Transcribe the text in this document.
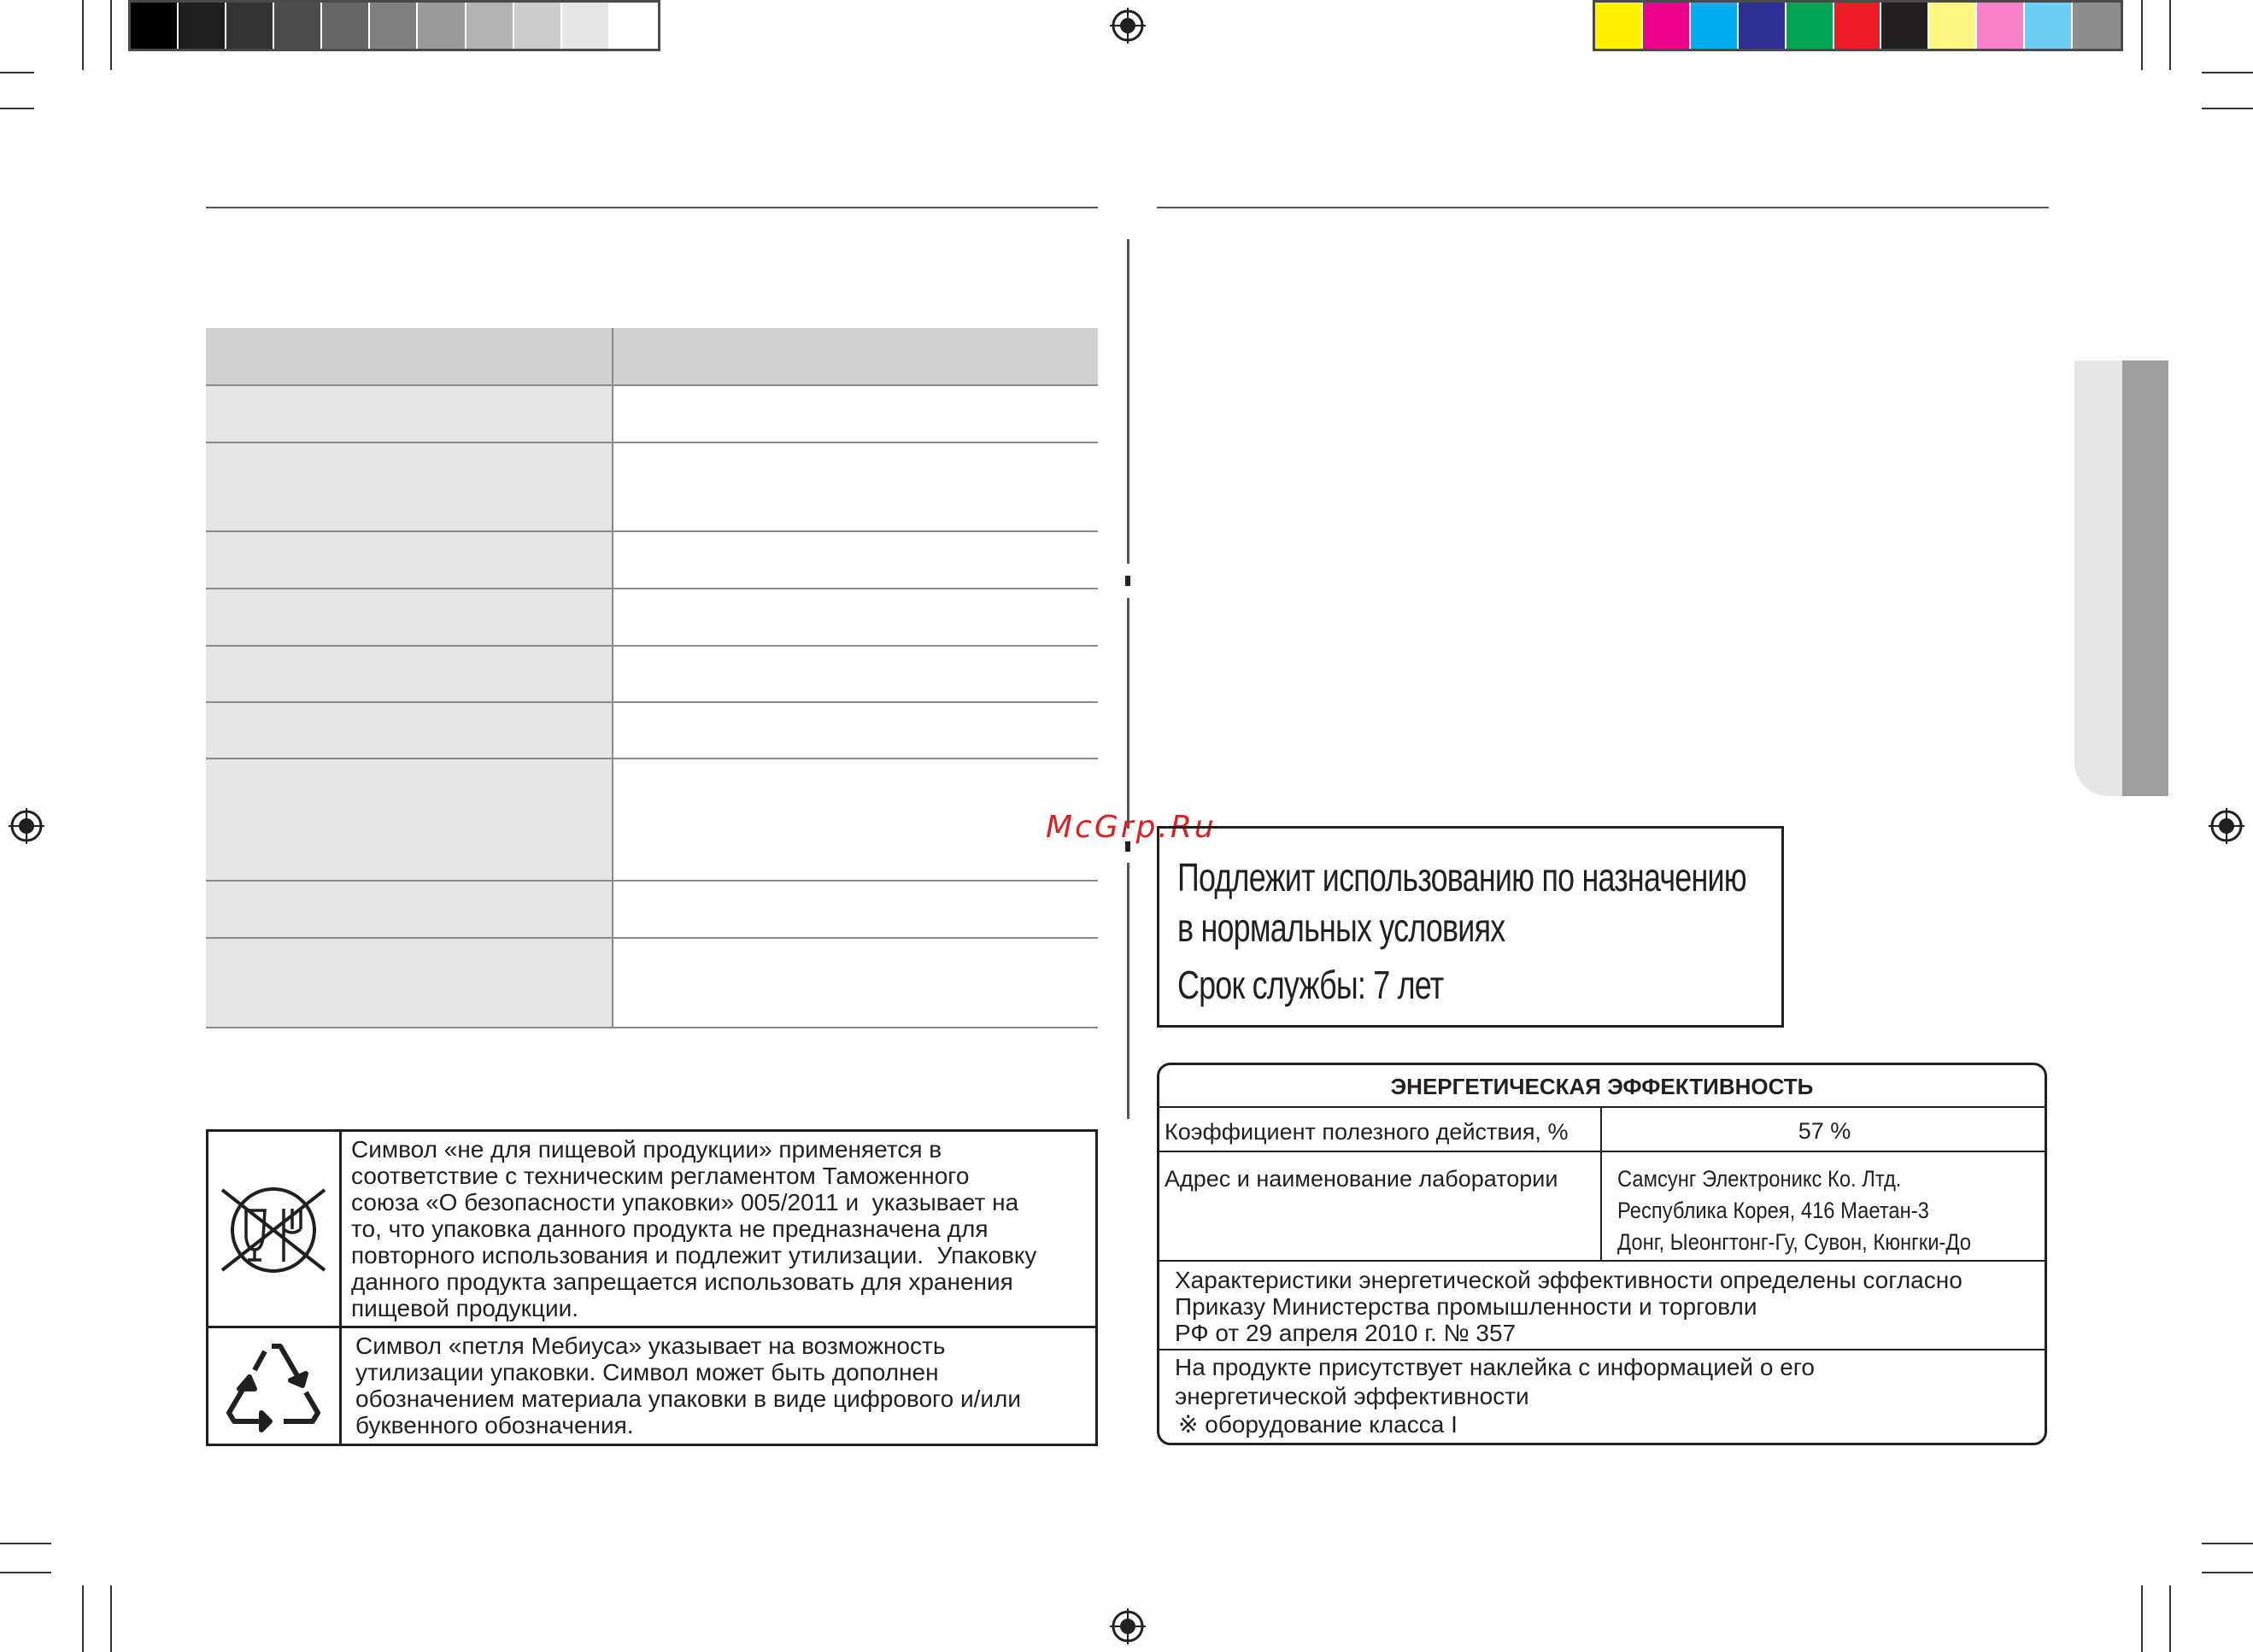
Символ «не для пищевой продукции» применяется в
соответствие с техническим регламентом Таможенного
союза «О безопасности упаковки» 005/2011 и  указывает на
то, что упаковка данного продукта не предназначена для
повторного использования и подлежит утилизации.  Упаковку
данного продукта запрещается использовать для хранения
пищевой продукции.
Символ «петля Мебиуса» указывает на возможность
утилизации упаковки. Символ может быть дополнен
обозначением материала упаковки в виде цифрового и/или
буквенного обозначения.
McGrp.Ru
Подлежит использованию по назначению
в нормальных условиях
Срок службы: 7 лет
ЭНЕРГЕТИЧЕСКАЯ ЭФФЕКТИВНОСТЬ
Коэффициент полезного действия, %	57 %
Адрес и наименование лаборатории	Самсунг Электроникс Ко. Лтд.
Республика Корея, 416 Маетан-3
Донг, Ыеонгтонг-Гу, Сувон, Кюнгки-До
Характеристики энергетической эффективности определены согласно
Приказу Министерства промышленности и торговли
РФ от 29 апреля 2010 г. № 357
На продукте присутствует наклейка с информацией о его
энергетической эффективности
※ оборудование класса I
